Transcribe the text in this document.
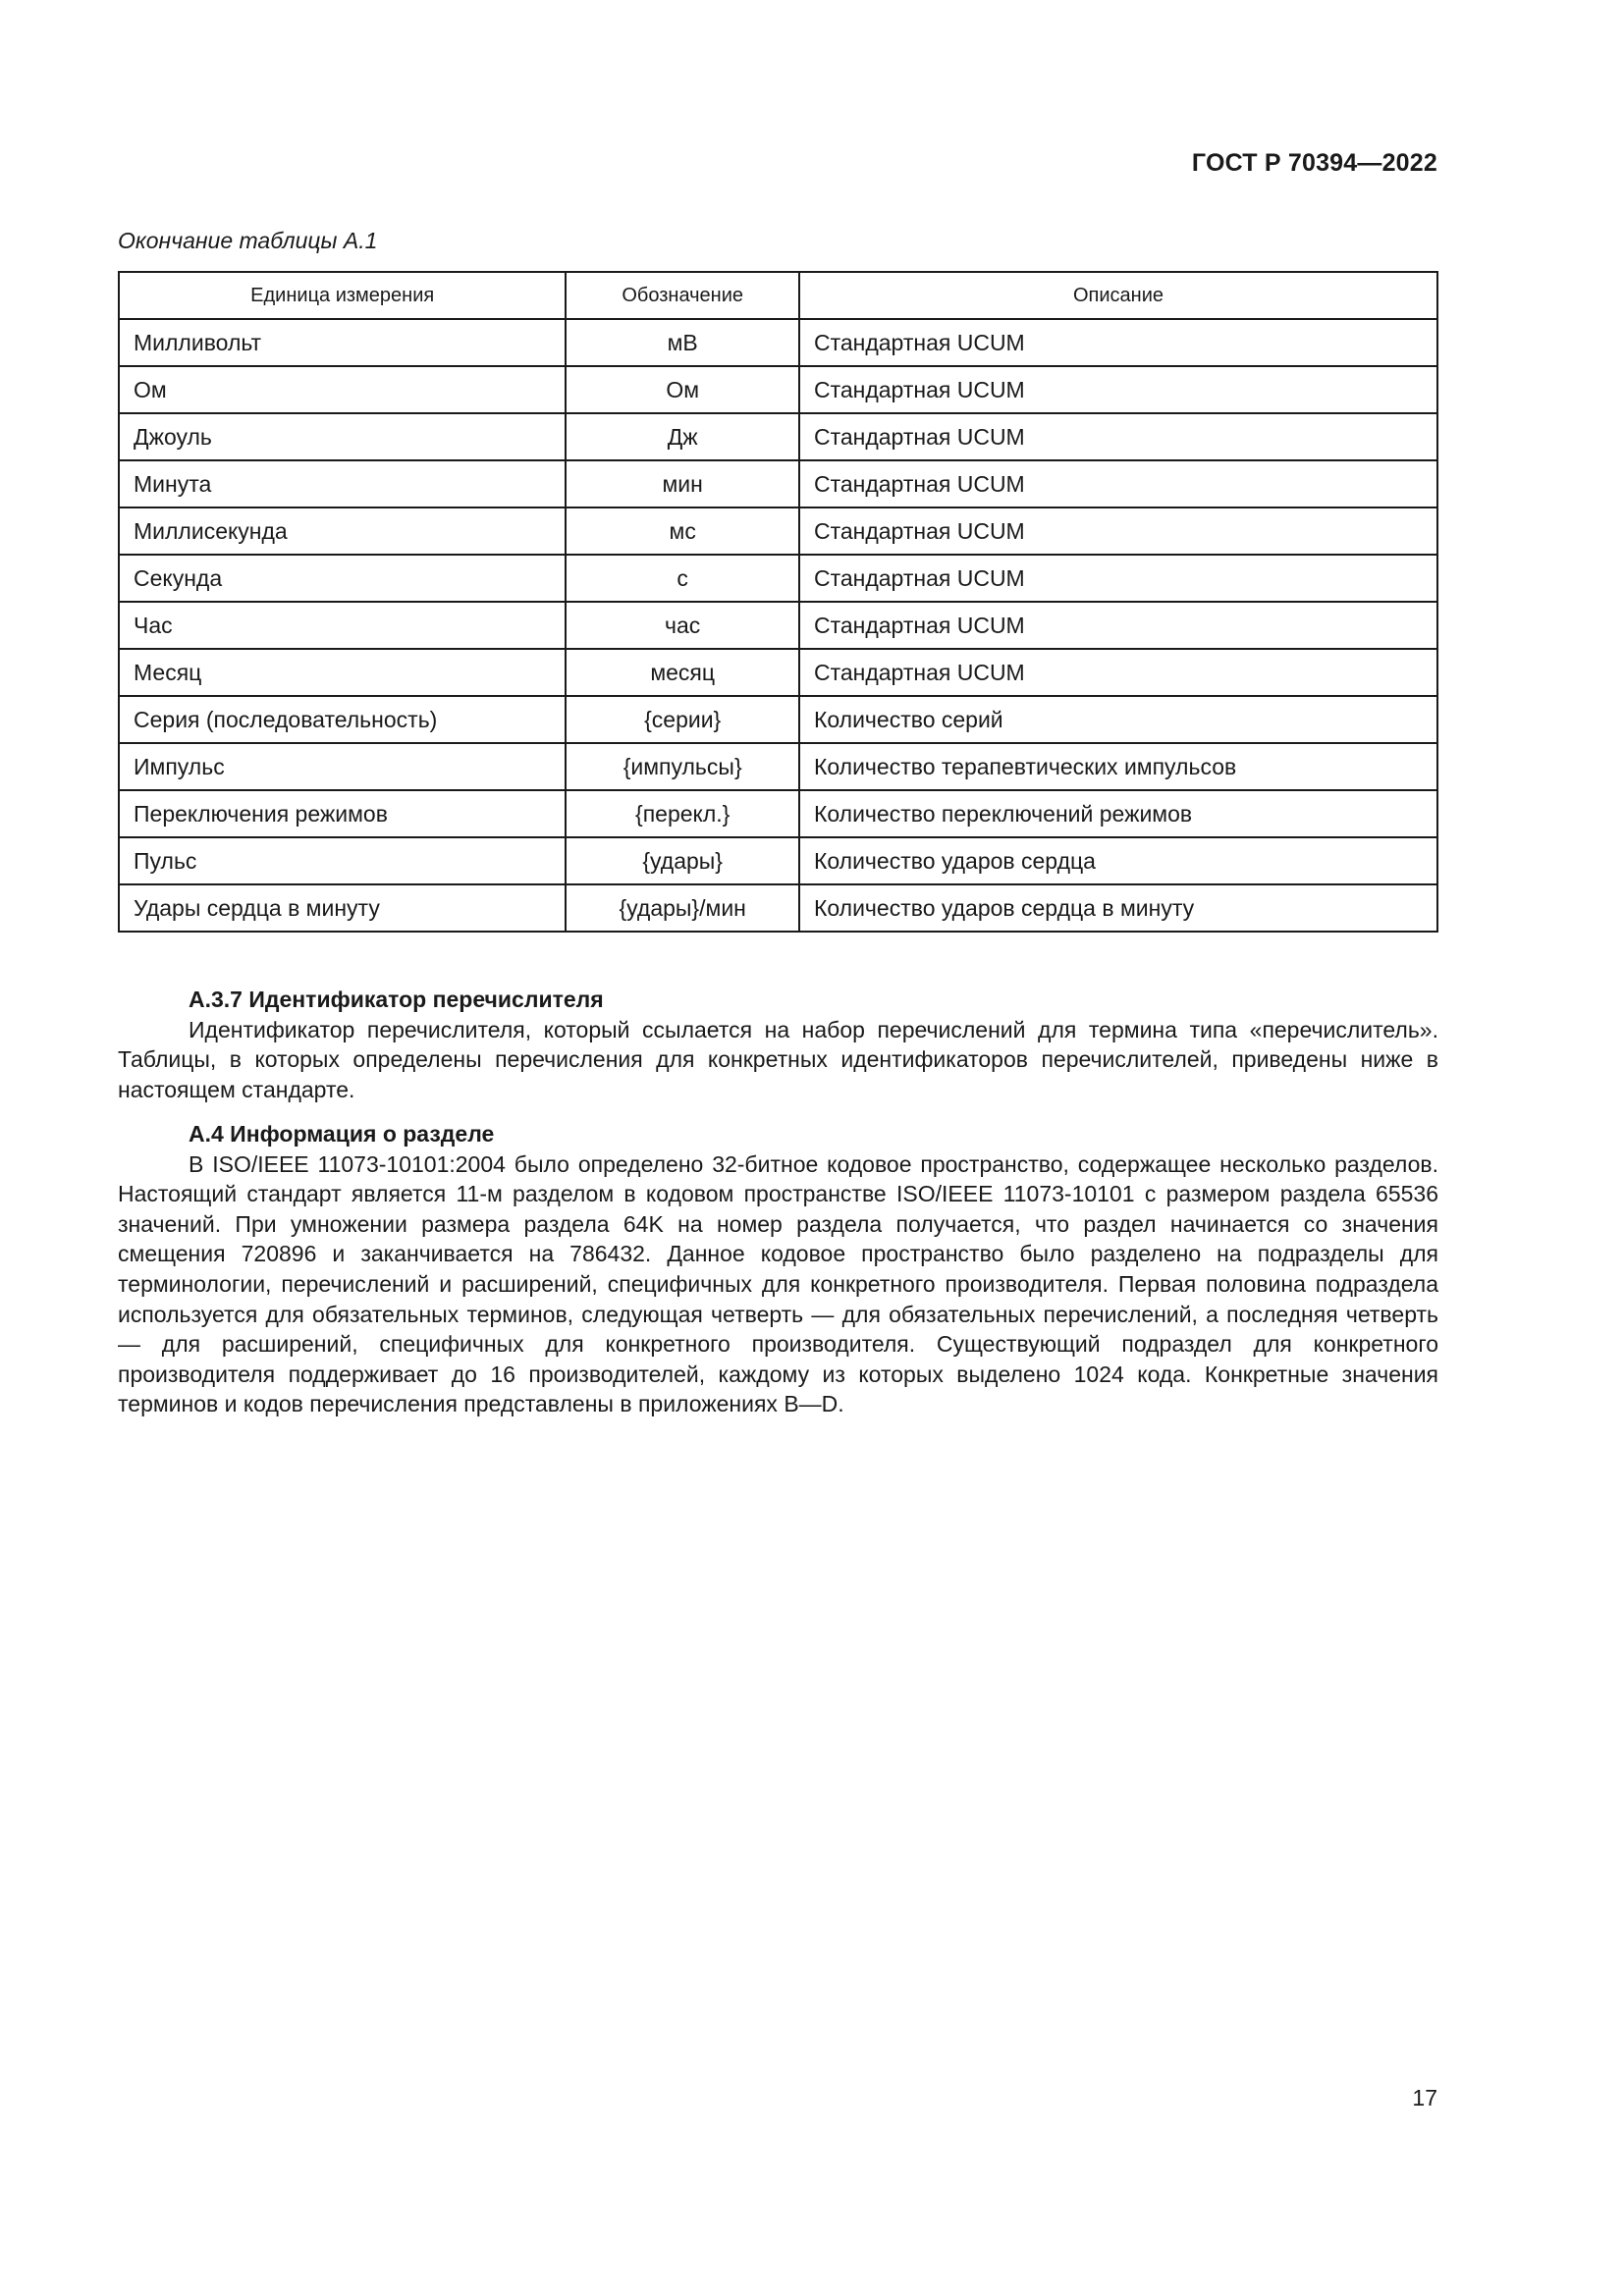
ГОСТ Р 70394—2022
Окончание таблицы А.1
Единица измерения	Обозначение	Описание
Милливольт	мВ	Стандартная UCUM
Ом	Ом	Стандартная UCUM
Джоуль	Дж	Стандартная UCUM
Минута	мин	Стандартная UCUM
Миллисекунда	мс	Стандартная UCUM
Секунда	с	Стандартная UCUM
Час	час	Стандартная UCUM
Месяц	месяц	Стандартная UCUM
Серия (последовательность)	{серии}	Количество серий
Импульс	{импульсы}	Количество терапевтических импульсов
Переключения режимов	{перекл.}	Количество переключений режимов
Пульс	{удары}	Количество ударов сердца
Удары сердца в минуту	{удары}/мин	Количество ударов сердца в минуту
А.3.7 Идентификатор перечислителя

Идентификатор перечислителя, который ссылается на набор перечислений для термина типа «перечислитель». Таблицы, в которых определены перечисления для конкретных идентификаторов перечислителей, приведены ниже в настоящем стандарте.

А.4 Информация о разделе

В ISO/IEEE 11073-10101:2004 было определено 32-битное кодовое пространство, содержащее несколько разделов. Настоящий стандарт является 11-м разделом в кодовом пространстве ISO/IEEE 11073-10101 с размером раздела 65536 значений. При умножении размера раздела 64K на номер раздела получается, что раздел начинается со значения смещения 720896 и заканчивается на 786432. Данное кодовое пространство было разделено на подразделы для терминологии, перечислений и расширений, специфичных для конкретного производителя. Первая половина подраздела используется для обязательных терминов, следующая четверть — для обязательных перечислений, а последняя четверть — для расширений, специфичных для конкретного производителя. Существующий подраздел для конкретного производителя поддерживает до 16 производителей, каждому из которых выделено 1024 кода. Конкретные значения терминов и кодов перечисления представлены в приложениях B—D.

17
